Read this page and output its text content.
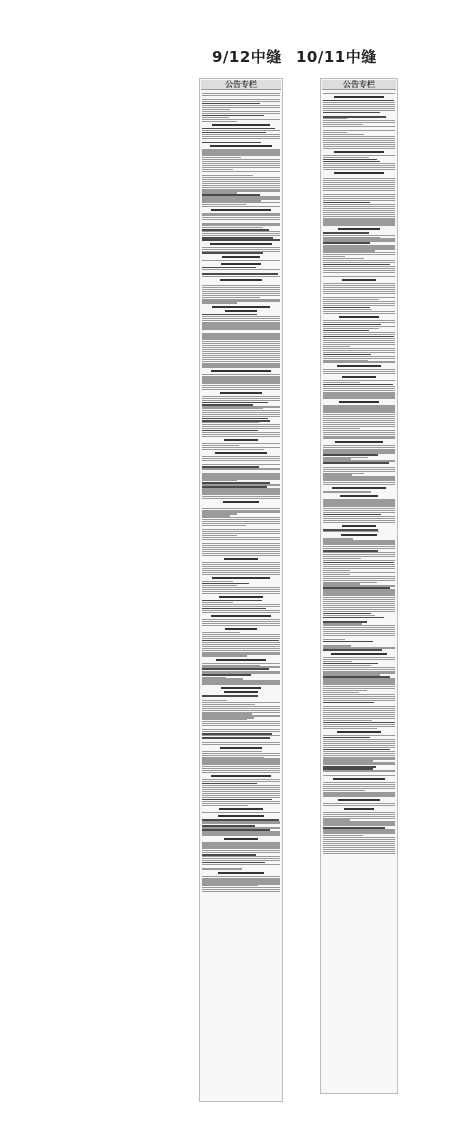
9/12中缝 10/11中缝
公告专栏	公告专栏
